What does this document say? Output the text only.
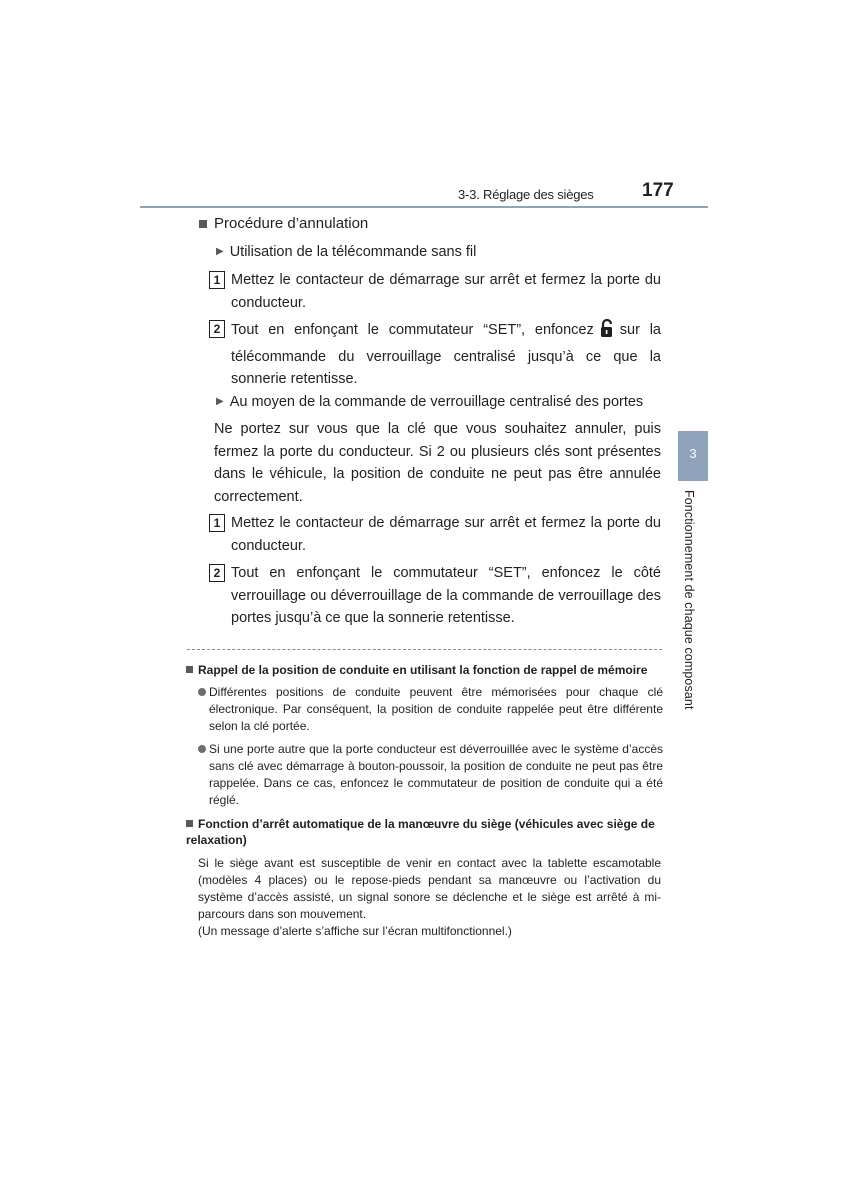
3-3. Réglage des sièges	177
3
Fonctionnement de chaque composant
Procédure d’annulation
▶ Utilisation de la télécommande sans fil
1 Mettez le contacteur de démarrage sur arrêt et fermez la porte du conducteur.
2 Tout en enfonçant le commutateur “SET”, enfoncez sur la télécommande du verrouillage centralisé jusqu’à ce que la sonnerie retentisse.
▶ Au moyen de la commande de verrouillage centralisé des portes
Ne portez sur vous que la clé que vous souhaitez annuler, puis fermez la porte du conducteur. Si 2 ou plusieurs clés sont présentes dans le véhicule, la position de conduite ne peut pas être annulée correctement.
1 Mettez le contacteur de démarrage sur arrêt et fermez la porte du conducteur.
2 Tout en enfonçant le commutateur “SET”, enfoncez le côté verrouillage ou déverrouillage de la commande de verrouillage des portes jusqu’à ce que la sonnerie retentisse.
Rappel de la position de conduite en utilisant la fonction de rappel de mémoire
Différentes positions de conduite peuvent être mémorisées pour chaque clé électronique. Par conséquent, la position de conduite rappelée peut être différente selon la clé portée.
Si une porte autre que la porte conducteur est déverrouillée avec le système d’accès sans clé avec démarrage à bouton-poussoir, la position de conduite ne peut pas être rappelée. Dans ce cas, enfoncez le commutateur de position de conduite qui a été réglé.
Fonction d’arrêt automatique de la manœuvre du siège (véhicules avec siège de relaxation)
Si le siège avant est susceptible de venir en contact avec la tablette escamotable (modèles 4 places) ou le repose-pieds pendant sa manœuvre ou l’activation du système d’accès assisté, un signal sonore se déclenche et le siège est arrêté à mi-parcours dans son mouvement.
(Un message d’alerte s’affiche sur l’écran multifonctionnel.)
